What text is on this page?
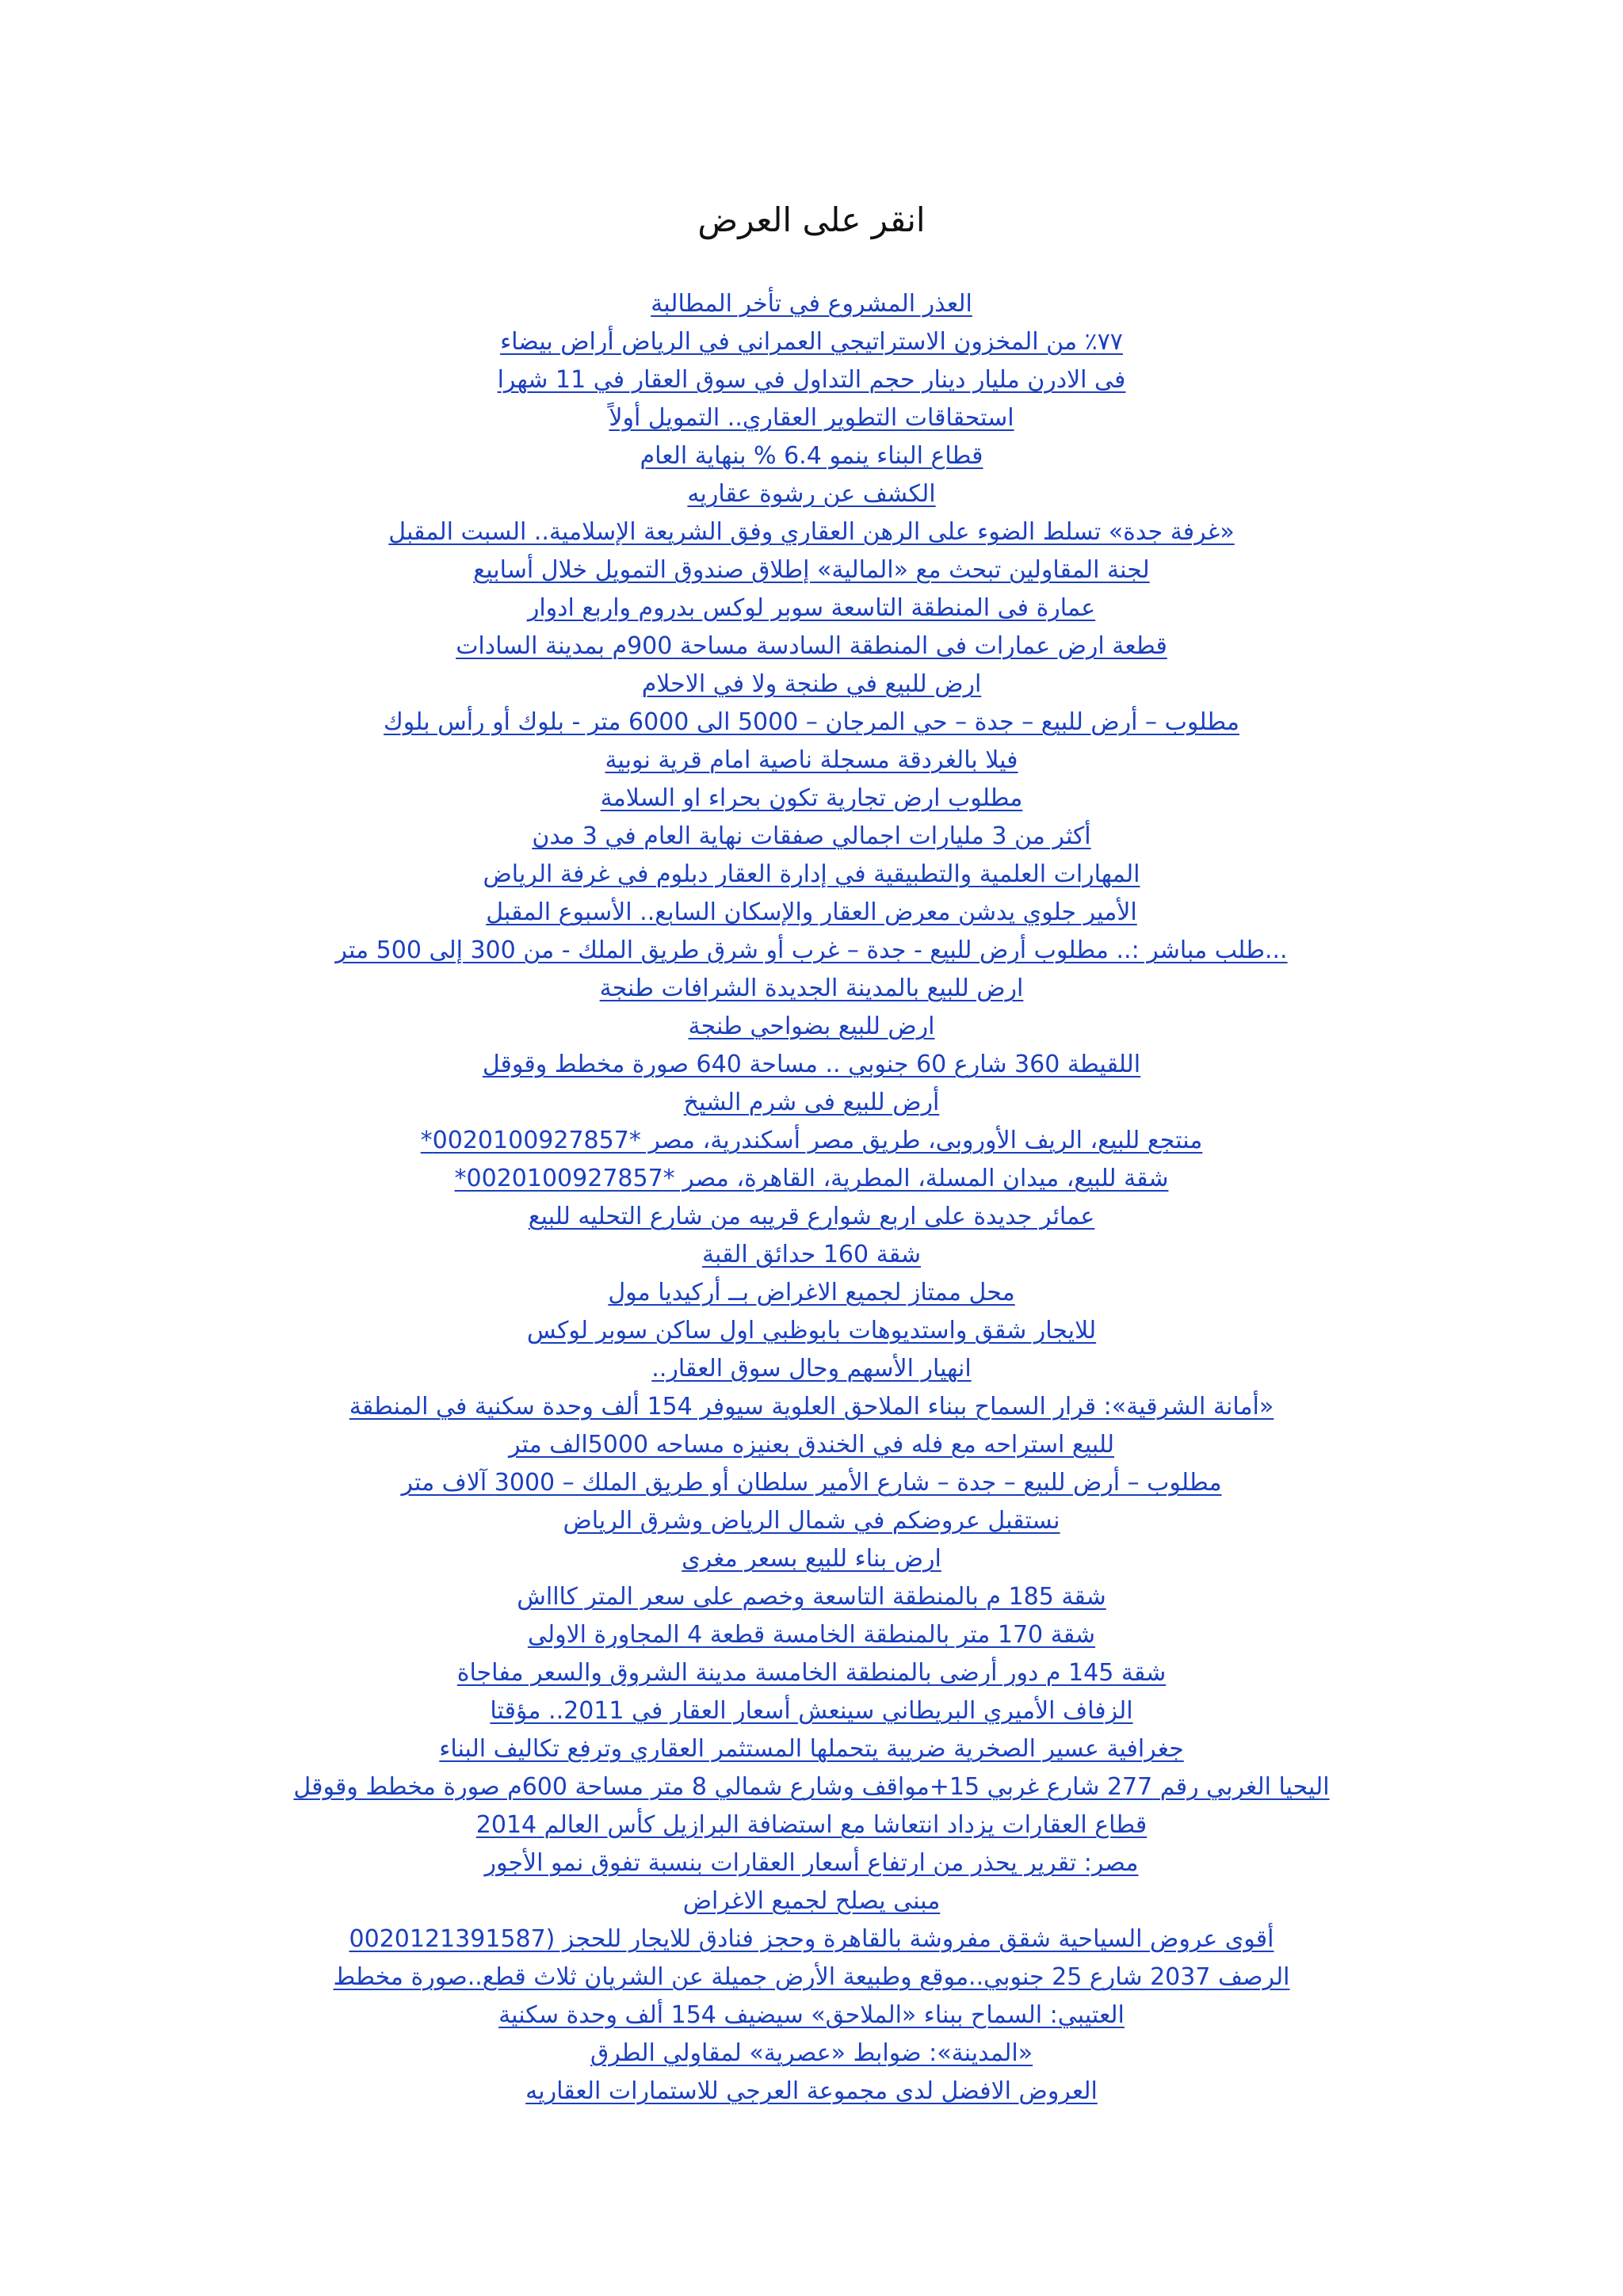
انقر على العرض
العذر المشروع في تأخر المطالبة
٧٧٪ من المخزون الاستراتيجي العمراني في الرياض أراض بيضاء
فى الادرن مليار دينار حجم التداول في سوق العقار في 11 شهرا
استحقاقات التطوير العقاري.. التمويل أولاً
قطاع البناء ينمو 6.4 % بنهاية العام
الكشف عن رشوة عقاريه
«غرفة جدة» تسلط الضوء على الرهن العقاري وفق الشريعة الإسلامية.. السبت المقبل
لجنة المقاولين تبحث مع «المالية» إطلاق صندوق التمويل خلال أسابيع
عمارة فى المنطقة التاسعة سوبر لوكس بدروم واربع ادوار
قطعة ارض عمارات فى المنطقة السادسة مساحة 900م بمدينة السادات
ارض للبيع في طنجة ولا في الاحلام
مطلوب – أرض للبيع – جدة – حي المرجان – 5000 الى 6000 متر - بلوك أو رأس بلوك
فيلا بالغردقة مسجلة ناصية امام قرية نوبية
مطلوب ارض تجارية تكون بحراء او السلامة
أكثر من 3 مليارات اجمالي صفقات نهاية العام في 3 مدن
المهارات العلمية والتطبيقية في إدارة العقار دبلوم في غرفة الرياض
الأمير جلوي يدشن معرض العقار والإسكان السابع.. الأسبوع المقبل
...طلب مباشر :.. مطلوب أرض للبيع - جدة – غرب أو شرق طريق الملك - من 300 إلى 500 متر
ارض للبيع بالمدينة الجديدة الشرافات طنجة
ارض للبيع بضواحي طنجة
اللقيطة 360 شارع 60 جنوبي .. مساحة 640 صورة مخطط وقوقل
أرض للبيع فى شرم الشيخ
منتجع للبيع، الريف الأوروبى، طريق مصر أسكندرية، مصر *0020100927857*
شقة للبيع، ميدان المسلة، المطرية، القاهرة، مصر *0020100927857*
عمائر جديدة على اربع شوارع قريبه من شارع التحليه للبيع
شقة 160 حدائق القبة
محل ممتاز لجميع الاغراض بــ أركيديا مول
للايجار شقق واستديوهات بابوظبي اول ساكن سوبر لوكس
انهيار الأسهم وحال سوق العقار..
«أمانة الشرقية»: قرار السماح ببناء الملاحق العلوية سيوفر 154 ألف وحدة سكنية في المنطقة
للبيع استراحه مع فله في الخندق بعنيزه مساحه 5000الف متر
مطلوب – أرض للبيع – جدة – شارع الأمير سلطان أو طريق الملك – 3000 آلاف متر
نستقبل عروضكم في شمال الرياض وشرق الرياض
ارض بناء للبيع بسعر مغرى
شقة 185 م بالمنطقة التاسعة وخصم على سعر المتر كاااش
شقة 170 متر بالمنطقة الخامسة قطعة 4 المجاورة الاولى
شقة 145 م دور أرضى بالمنطقة الخامسة مدينة الشروق والسعر مفاجاة
الزفاف الأميري البريطاني سينعش أسعار العقار في 2011.. مؤقتا
جغرافية عسير الصخرية ضريبة يتحملها المستثمر العقاري وترفع تكاليف البناء
اليحيا الغربي رقم 277 شارع غربي 15+مواقف وشارع شمالي 8 متر مساحة 600م صورة مخطط وقوقل
قطاع العقارات يزداد انتعاشا مع استضافة البرازيل كأس العالم 2014
مصر: تقرير يحذر من ارتفاع أسعار العقارات بنسبة تفوق نمو الأجور
مبنى يصلح لجميع الاغراض
أقوى عروض السياحية شقق مفروشة بالقاهرة وحجز فنادق للايجار للحجز (0020121391587
الرصف 2037 شارع 25 جنوبي..موقع وطبيعة الأرض جميلة عن الشريان ثلاث قطع..صورة مخطط
العتيبي: السماح ببناء «الملاحق» سيضيف 154 ألف وحدة سكنية
«المدينة»: ضوابط «عصرية» لمقاولي الطرق
العروض الافضل لدى مجموعة العرجي للاستمارات العقاريه
